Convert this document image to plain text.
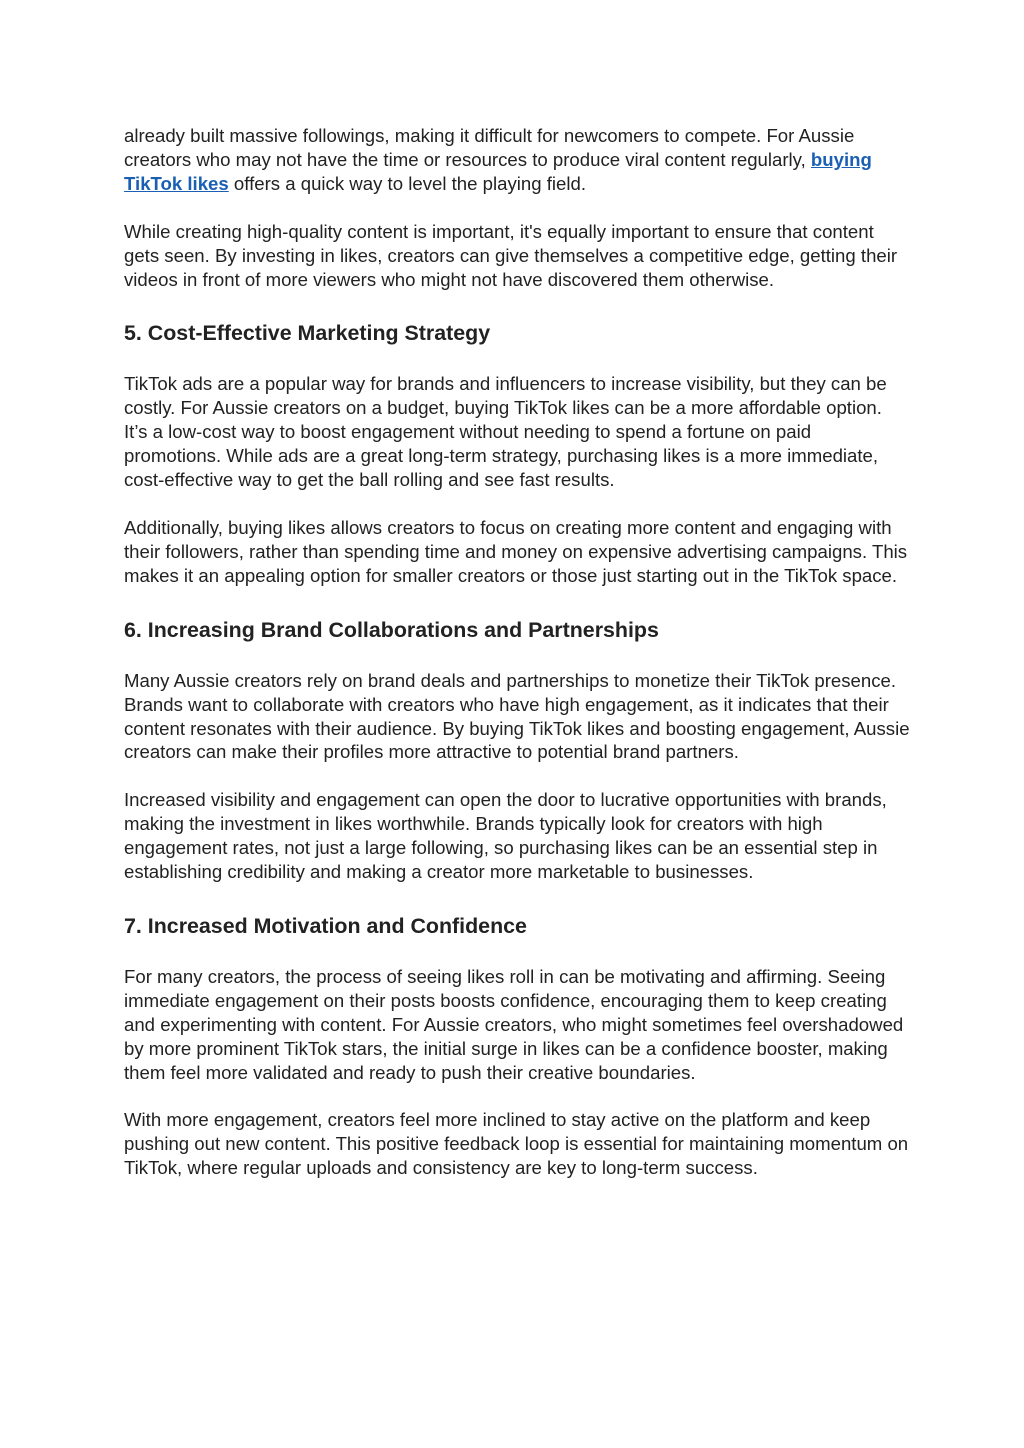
already built massive followings, making it difficult for newcomers to compete. For Aussie creators who may not have the time or resources to produce viral content regularly, buying TikTok likes offers a quick way to level the playing field.

While creating high-quality content is important, it's equally important to ensure that content gets seen. By investing in likes, creators can give themselves a competitive edge, getting their videos in front of more viewers who might not have discovered them otherwise.

5. Cost-Effective Marketing Strategy

TikTok ads are a popular way for brands and influencers to increase visibility, but they can be costly. For Aussie creators on a budget, buying TikTok likes can be a more affordable option. It’s a low-cost way to boost engagement without needing to spend a fortune on paid promotions. While ads are a great long-term strategy, purchasing likes is a more immediate, cost-effective way to get the ball rolling and see fast results.

Additionally, buying likes allows creators to focus on creating more content and engaging with their followers, rather than spending time and money on expensive advertising campaigns. This makes it an appealing option for smaller creators or those just starting out in the TikTok space.

6. Increasing Brand Collaborations and Partnerships

Many Aussie creators rely on brand deals and partnerships to monetize their TikTok presence. Brands want to collaborate with creators who have high engagement, as it indicates that their content resonates with their audience. By buying TikTok likes and boosting engagement, Aussie creators can make their profiles more attractive to potential brand partners.

Increased visibility and engagement can open the door to lucrative opportunities with brands, making the investment in likes worthwhile. Brands typically look for creators with high engagement rates, not just a large following, so purchasing likes can be an essential step in establishing credibility and making a creator more marketable to businesses.

7. Increased Motivation and Confidence

For many creators, the process of seeing likes roll in can be motivating and affirming. Seeing immediate engagement on their posts boosts confidence, encouraging them to keep creating and experimenting with content. For Aussie creators, who might sometimes feel overshadowed by more prominent TikTok stars, the initial surge in likes can be a confidence booster, making them feel more validated and ready to push their creative boundaries.

With more engagement, creators feel more inclined to stay active on the platform and keep pushing out new content. This positive feedback loop is essential for maintaining momentum on TikTok, where regular uploads and consistency are key to long-term success.
